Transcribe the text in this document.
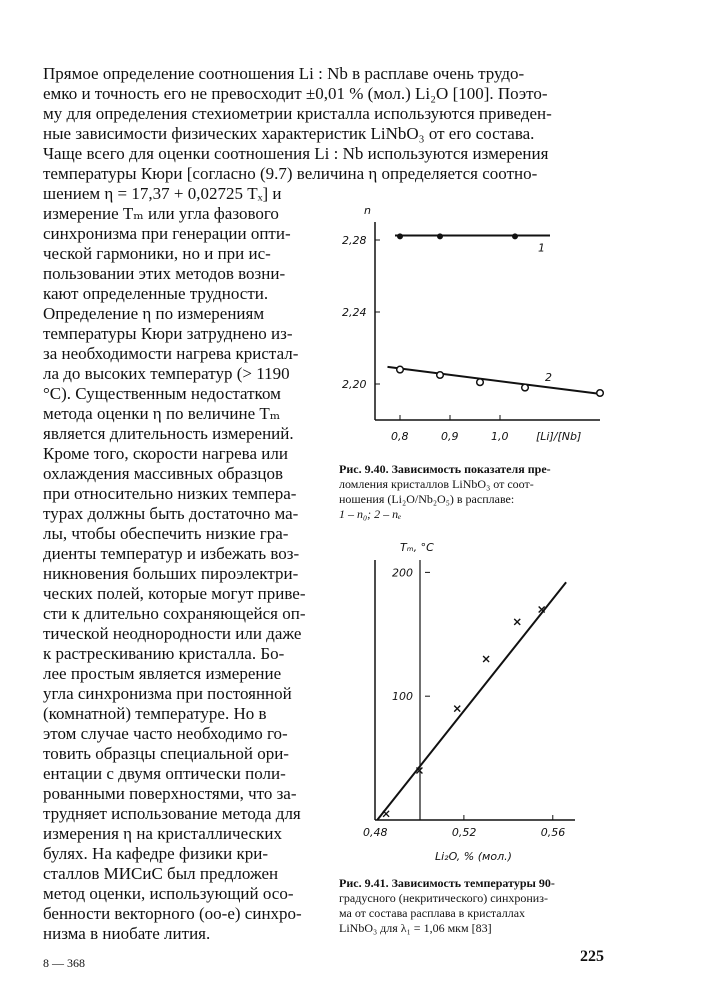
Прямое определение соотношения Li : Nb в расплаве очень трудо-
емко и точность его не превосходит ±0,01 % (мол.) Li₂O [100]. Поэто-
му для определения стехиометрии кристалла используются приведен-
ные зависимости физических характеристик LiNbO₃ от его состава.
Чаще всего для оценки соотношения Li : Nb используются измерения
температуры Кюри [согласно (9.7) величина η определяется соотно-
шением η = 17,37 + 0,02725 Tₓ] и
измерение Tₘ или угла фазового
синхронизма при генерации опти-
ческой гармоники, но и при ис-
пользовании этих методов возни-
кают определенные трудности.
Определение η по измерениям
температуры Кюри затруднено из-
за необходимости нагрева кристал-
ла до высоких температур (> 1190
°С). Существенным недостатком
метода оценки η по величине Tₘ
является длительность измерений.
Кроме того, скорости нагрева или
охлаждения массивных образцов
при относительно низких темпера-
турах должны быть достаточно ма-
лы, чтобы обеспечить низкие гра-
диенты температур и избежать воз-
никновения больших пироэлектри-
ческих полей, которые могут приве-
сти к длительно сохраняющейся оп-
тической неоднородности или даже
к растрескиванию кристалла. Бо-
лее простым является измерение
угла синхронизма при постоянной
(комнатной) температуре. Но в
этом случае часто необходимо го-
товить образцы специальной ори-
ентации с двумя оптически поли-
рованными поверхностями, что за-
трудняет использование метода для
измерения η на кристаллических
булях. На кафедре физики кри-
сталлов МИСиС был предложен
метод оценки, использующий осо-
бенности векторного (oo-e) синхро-
низма в ниобате лития.
n
[Li]/[Nb]
2,28
2,24
2,20
0,8	0,9	1,0
1
2
Рис. 9.40. Зависимость показателя пре-
ломления кристаллов LiNbO₃ от соот-
ношения (Li₂O/Nb₂O₅) в расплаве:
1 – n₀; 2 – nₑ
Tₘ, °C
Li₂O, % (мол.)
200
100
0,48	0,52	0,56
Рис. 9.41. Зависимость температуры 90-
градусного (некритического) синхрониз-
ма от состава расплава в кристаллах
LiNbO₃ для λ₁ = 1,06 мкм [83]
8 — 368	225
